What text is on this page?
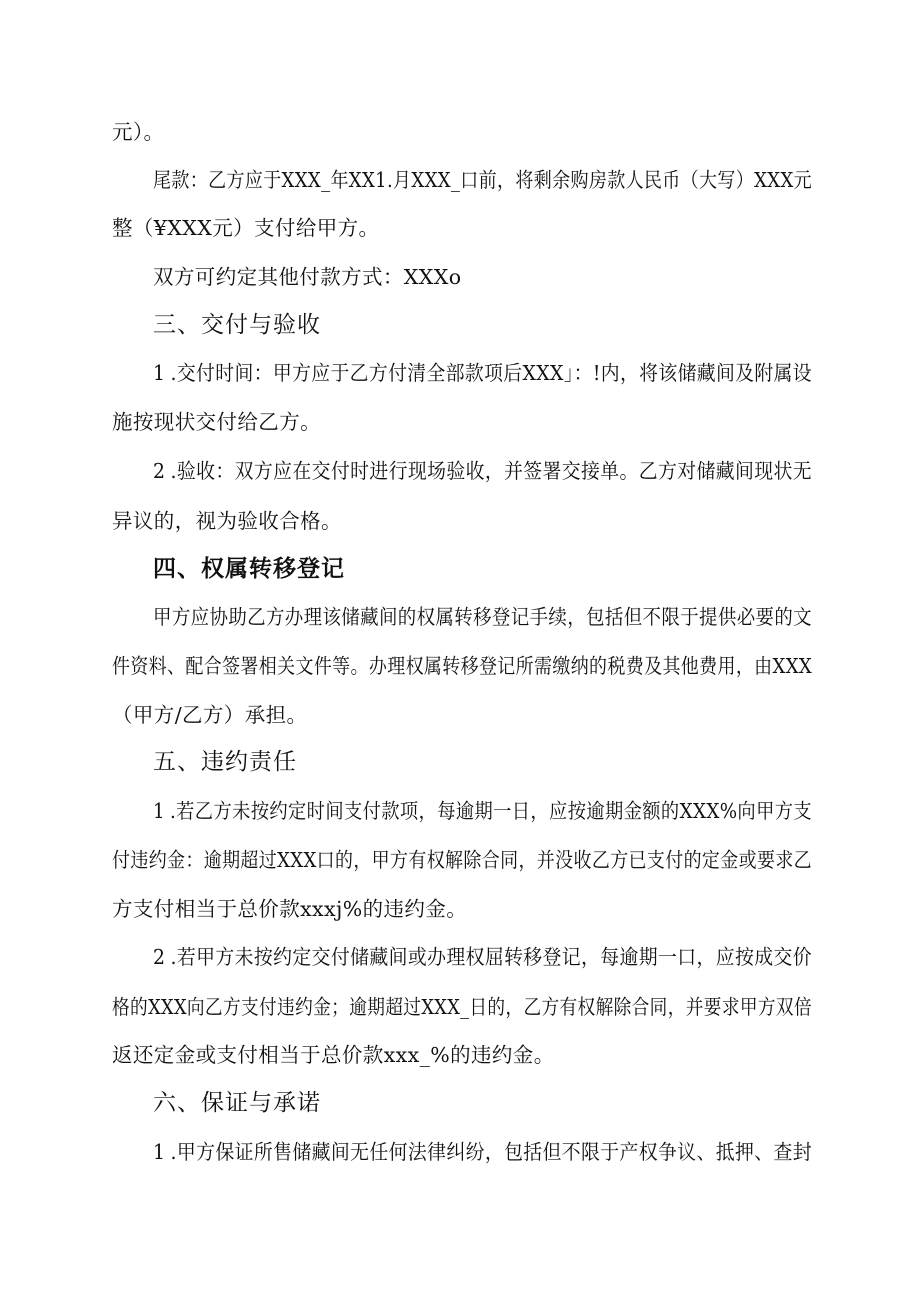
元）。
尾款：乙方应于XXX_年XX1.月XXX_口前，将剩余购房款人民币（大写）XXX元
整（¥XXX元）支付给甲方。
双方可约定其他付款方式：XXXo
三、交付与验收
1.交付时间：甲方应于乙方付清全部款项后XXX」：!内，将该储藏间及附属设
施按现状交付给乙方。
2.验收：双方应在交付时进行现场验收，并签署交接单。乙方对储藏间现状无
异议的，视为验收合格。
四、权属转移登记
甲方应协助乙方办理该储藏间的权属转移登记手续，包括但不限于提供必要的文
件资料、配合签署相关文件等。办理权属转移登记所需缴纳的税费及其他费用，由XXX
（甲方/乙方）承担。
五、违约责任
1.若乙方未按约定时间支付款项，每逾期一日，应按逾期金额的XXX%向甲方支
付违约金：逾期超过XXX口的，甲方有权解除合同，并没收乙方已支付的定金或要求乙
方支付相当于总价款xxxj%的违约金。
2.若甲方未按约定交付储藏间或办理权屈转移登记，每逾期一口，应按成交价
格的XXX向乙方支付违约金；逾期超过XXX_日的，乙方有权解除合同，并要求甲方双倍
返还定金或支付相当于总价款xxx_%的违约金。
六、保证与承诺
1.甲方保证所售储藏间无任何法律纠纷，包括但不限于产权争议、抵押、查封
